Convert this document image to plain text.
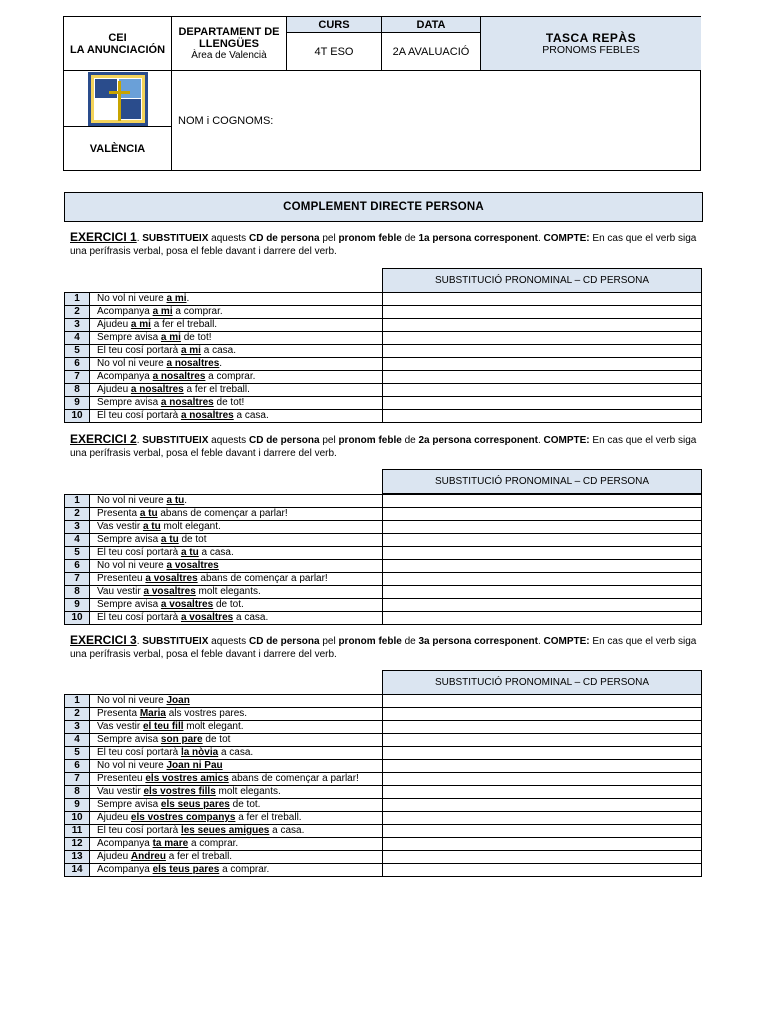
CEI
LA ANUNCIACIÓN
DEPARTAMENT DE
LLENGÜES
Àrea de Valencià
CURS	DATA
4T ESO	2A AVALUACIÓ
TASCA REPÀS
PRONOMS FEBLES
VALÈNCIA
NOM i COGNOMS:
COMPLEMENT DIRECTE PERSONA
EXERCICI 1. SUBSTITUEIX aquests CD de persona pel pronom feble de 1a persona corresponent. COMPTE: En cas que el verb siga una perífrasis verbal, posa el feble davant i darrere del verb.
SUBSTITUCIÓ PRONOMINAL – CD PERSONA
1	No vol ni veure a mi.
2	Acompanya a mi a comprar.
3	Ajudeu a mi a fer el treball.
4	Sempre avisa a mi de tot!
5	El teu cosí portarà a mi a casa.
6	No vol ni veure a nosaltres.
7	Acompanya a nosaltres a comprar.
8	Ajudeu a nosaltres a fer el treball.
9	Sempre avisa a nosaltres de tot!
10	El teu cosí portarà a nosaltres a casa.
EXERCICI 2. SUBSTITUEIX aquests CD de persona pel pronom feble de 2a persona corresponent. COMPTE: En cas que el verb siga una perífrasis verbal, posa el feble davant i darrere del verb.
SUBSTITUCIÓ PRONOMINAL – CD PERSONA
1	No vol ni veure a tu.
2	Presenta a tu abans de començar a parlar!
3	Vas vestir a tu molt elegant.
4	Sempre avisa a tu de tot
5	El teu cosí portarà a tu a casa.
6	No vol ni veure a vosaltres
7	Presenteu a vosaltres abans de començar a parlar!
8	Vau vestir a vosaltres molt elegants.
9	Sempre avisa a vosaltres de tot.
10	El teu cosí portarà a vosaltres a casa.
EXERCICI 3. SUBSTITUEIX aquests CD de persona pel pronom feble de 3a persona corresponent. COMPTE: En cas que el verb siga una perífrasis verbal, posa el feble davant i darrere del verb.
SUBSTITUCIÓ PRONOMINAL – CD PERSONA
1	No vol ni veure Joan
2	Presenta Maria als vostres pares.
3	Vas vestir el teu fill molt elegant.
4	Sempre avisa son pare de tot
5	El teu cosí portarà la nòvia a casa.
6	No vol ni veure Joan ni Pau
7	Presenteu els vostres amics abans de començar a parlar!
8	Vau vestir els vostres fills molt elegants.
9	Sempre avisa els seus pares de tot.
10	Ajudeu els vostres companys a fer el treball.
11	El teu cosí portarà les seues amigues a casa.
12	Acompanya ta mare a comprar.
13	Ajudeu Andreu a fer el treball.
14	Acompanya els teus pares a comprar.
